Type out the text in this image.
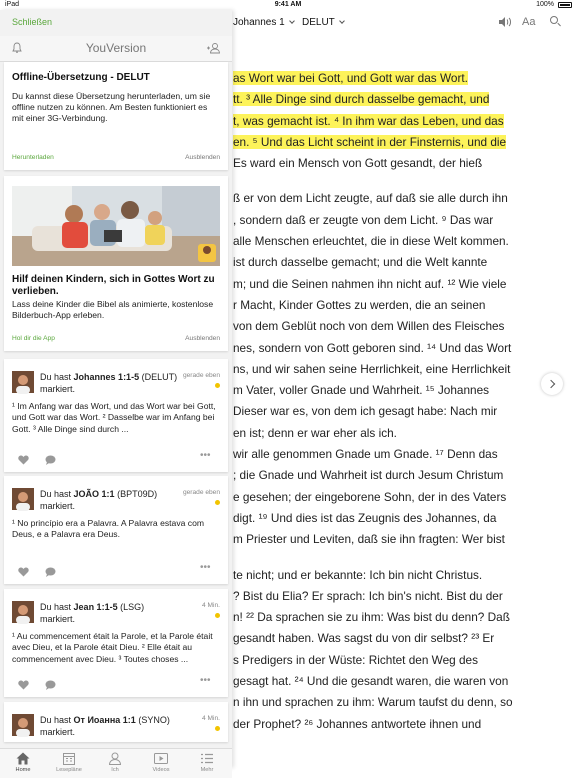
iPad	9:41 AM	100%
Johannes 1	DELUT	Aa
as Wort war bei Gott, und Gott war das Wort.
tt. ³ Alle Dinge sind durch dasselbe gemacht, und
t, was gemacht ist. ⁴ In ihm war das Leben, und das
en. ⁵ Und das Licht scheint in der Finsternis, und die
Es ward ein Mensch von Gott gesandt, der hieß
ß er von dem Licht zeugte, auf daß sie alle durch ihn
, sondern daß er zeugte von dem Licht. ⁹ Das war
alle Menschen erleuchtet, die in diese Welt kommen.
ist durch dasselbe gemacht; und die Welt kannte
m; und die Seinen nahmen ihn nicht auf. ¹² Wie viele
r Macht, Kinder Gottes zu werden, die an seinen
von dem Geblüt noch von dem Willen des Fleisches
nes, sondern von Gott geboren sind. ¹⁴ Und das Wort
ns, und wir sahen seine Herrlichkeit, eine Herrlichkeit
m Vater, voller Gnade und Wahrheit. ¹⁵ Johannes
Dieser war es, von dem ich gesagt habe: Nach mir
en ist; denn er war eher als ich.
wir alle genommen Gnade um Gnade. ¹⁷ Denn das
; die Gnade und Wahrheit ist durch Jesum Christum
e gesehen; der eingeborene Sohn, der in des Vaters
digt. ¹⁹ Und dies ist das Zeugnis des Johannes, da
m Priester und Leviten, daß sie ihn fragten: Wer bist
te nicht; und er bekannte: Ich bin nicht Christus.
? Bist du Elia? Er sprach: Ich bin's nicht. Bist du der
n! ²² Da sprachen sie zu ihm: Was bist du denn? Daß
gesandt haben. Was sagst du von dir selbst? ²³ Er
s Predigers in der Wüste: Richtet den Weg des
gesagt hat. ²⁴ Und die gesandt waren, die waren von
n ihn und sprachen zu ihm: Warum taufst du denn, so
der Prophet? ²⁶ Johannes antwortete ihnen und
Schließen
YouVersion
Offline-Übersetzung - DELUT
Du kannst diese Übersetzung herunterladen, um sie offline nutzen zu können. Am Besten funktioniert es mit einer 3G-Verbindung.
Herunterladen	Ausblenden
Hilf deinen Kindern, sich in Gottes Wort zu verlieben.
Lass deine Kinder die Bibel als animierte, kostenlose Bilderbuch-App erleben.
Hol dir die App	Ausblenden
Du hast Johannes 1:1-5 (DELUT) markiert.
gerade eben
¹ Im Anfang war das Wort, und das Wort war bei Gott, und Gott war das Wort. ² Dasselbe war im Anfang bei Gott. ³ Alle Dinge sind durch ...
•••
Du hast JOÃO 1:1 (BPT09D) markiert.
gerade eben
¹ No princípio era a Palavra. A Palavra estava com Deus, e a Palavra era Deus.
•••
Du hast Jean 1:1-5 (LSG) markiert.
4 Min.
¹ Au commencement était la Parole, et la Parole était avec Dieu, et la Parole était Dieu. ² Elle était au commencement avec Dieu. ³ Toutes choses ...
•••
Du hast От Иоанна 1:1 (SYNO) markiert.
4 Min.
Home	Lesepläne	Ich	Videos	Mehr
